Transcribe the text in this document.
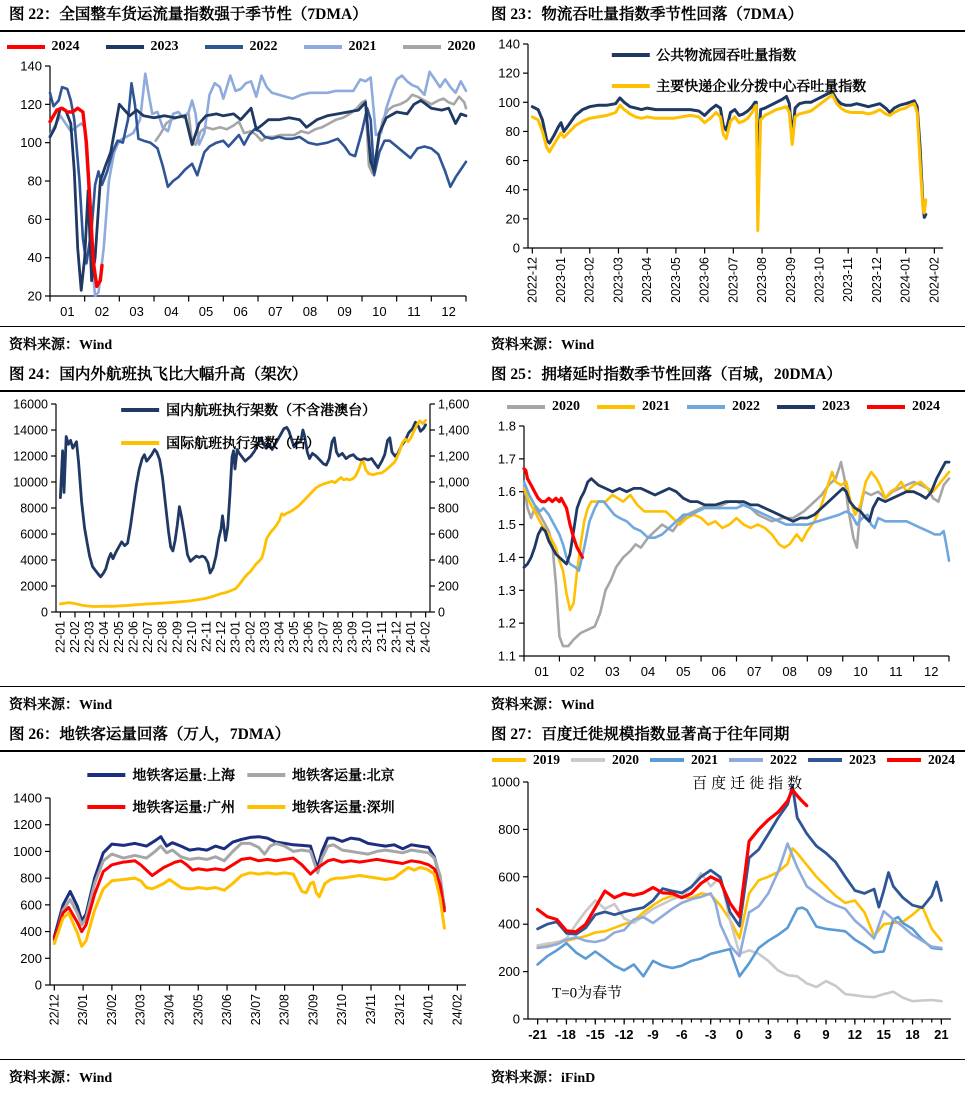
图 22：全国整车货运流量指数强于季节性（7DMA）
2024	2023	2022	2021	2020
20
40
60
80
100
120
140
01 02 03 04 05 06 07 08 09 10 11 12
资料来源：Wind
图 23：物流吞吐量指数季节性回落（7DMA）
公共物流园吞吐量指数
主要快递企业分拨中心吞吐量指数
0
20
40
60
80
100
120
140
2022-12 2023-01 2023-02 2023-03 2023-04 2023-05 2023-06 2023-07 2023-08 2023-09 2023-10 2023-11 2023-12 2024-01 2024-02
资料来源：Wind
图 24：国内外航班执飞比大幅升高（架次）
国内航班执行架数（不含港澳台）
国际航班执行架数（右）
0
2000
4000
6000
8000
10000
12000
14000
16000
0
200
400
600
800
1,000
1,200
1,400
1,600
22-01 22-02 22-03 22-04 22-05 22-06 22-07 22-08 22-09 22-10 22-11 22-12 23-01 23-02 23-03 23-04 23-05 23-06 23-07 23-08 23-09 23-10 23-11 23-12 24-01 24-02
资料来源：Wind
图 25：拥堵延时指数季节性回落（百城，20DMA）
2020	2021	2022	2023	2024
1.1
1.2
1.3
1.4
1.5
1.6
1.7
1.8
01 02 03 04 05 06 07 08 09 10 11 12
资料来源：Wind
图 26：地铁客运量回落（万人，7DMA）
地铁客运量:上海	地铁客运量:北京
地铁客运量:广州	地铁客运量:深圳
0
200
400
600
800
1000
1200
1400
22/12 23/01 23/02 23/03 23/04 23/05 23/06 23/07 23/08 23/09 23/10 23/11 23/12 24/01 24/02
资料来源：Wind
图 27：百度迁徙规模指数显著高于往年同期
2019	2020	2021	2022	2023	2024
0
200
400
600
800
1000
-21 -18 -15 -12 -9 -6 -3 0 3 6 9 12 15 18 21
百度迁徙指数
T=0为春节
资料来源：iFinD
